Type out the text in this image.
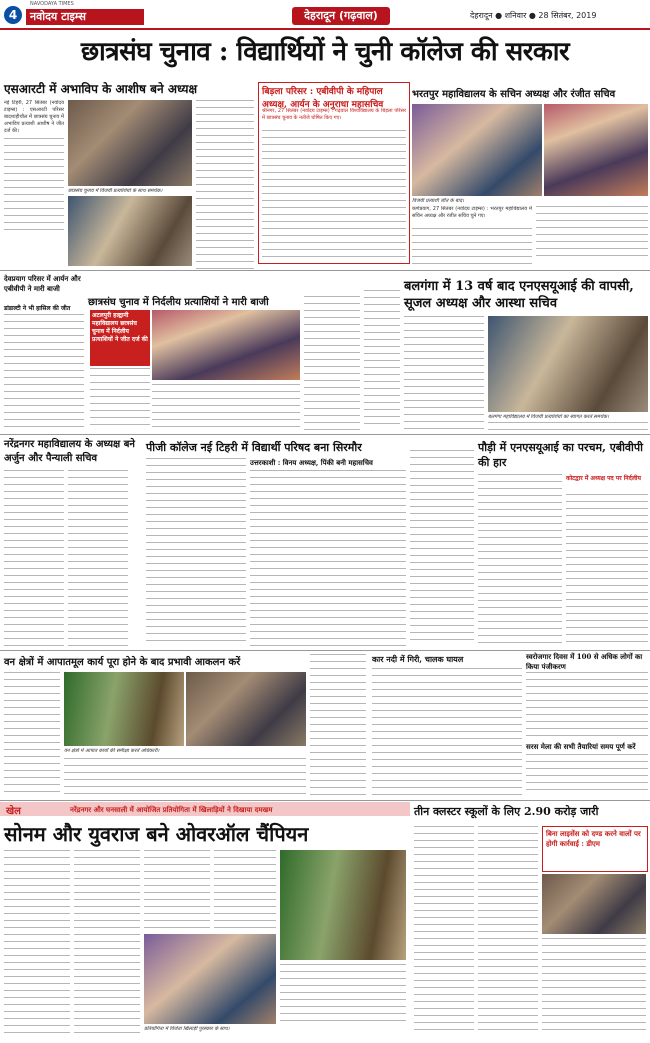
4	नवोदय टाइम्स
NAVODAYA TIMES
देहरादून (गढ़वाल)	देहरादून ● शनिवार ● 28 सितंबर, 2019
छात्रसंघ चुनाव : विद्यार्थियों ने चुनी कॉलेज की सरकार
एसआरटी में अभाविप के आशीष बने अध्यक्ष
नई टिहरी, 27 सितंबर (नवोदय टाइम्स) : एसआरटी परिसर बादशाहीथौल में छात्रसंघ चुनाव में अभाविप प्रत्याशी आशीष ने जीत दर्ज की।
छात्रसंघ चुनाव में विजयी प्रत्याशियों के साथ समर्थक।
बिड़ला परिसर : एबीवीपी के महिपाल अध्यक्ष, आर्यन के अनुराधा महासचिव
श्रीनगर, 27 सितंबर (नवोदय टाइम्स) : गढ़वाल विश्वविद्यालय के बिड़ला परिसर में छात्रसंघ चुनाव के नतीजे घोषित किए गए।
भरतपुर महाविद्यालय के सचिन अध्यक्ष और रंजीत सचिव
विजयी प्रत्याशी जीत के बाद।
कर्णप्रयाग, 27 सितंबर (नवोदय टाइम्स) : भरतपुर महाविद्यालय में सचिन अध्यक्ष और रंजीत सचिव चुने गए।
देवप्रयाग परिसर में आर्यन और एबीवीपी ने मारी बाजी
डांडाल्टी ने भी हासिल की जीत
छात्रसंघ चुनाव में निर्दलीय प्रत्याशियों ने मारी बाजी
अटलपुरी हल्द्वानी महाविद्यालय छात्रसंघ चुनाव में निर्दलीय प्रत्याशियों ने जीत दर्ज की
बलगंगा में 13 वर्ष बाद एनएसयूआई की वापसी, सूजल अध्यक्ष और आस्था सचिव
बलगंगा महाविद्यालय में विजयी प्रत्याशियों का स्वागत करते समर्थक।
नरेंद्रनगर महाविद्यालय के अध्यक्ष बने अर्जुन और पैन्याली सचिव
पीजी कॉलेज नई टिहरी में विद्यार्थी परिषद बना सिरमौर
उत्तरकाशी : विनय अध्यक्ष, पिंकी बनी महासचिव
पौड़ी में एनएसयूआई का परचम, एबीवीपी की हार
कोटद्वार में अध्यक्ष पद पर निर्दलीय
वन क्षेत्रों में आपातमूल कार्य पूरा होने के बाद प्रभावी आकलन करें
वन क्षेत्रों में आपात कार्यों की समीक्षा करते अधिकारी।
कार नदी में गिरी, चालक घायल	स्वरोजगार दिवस में 100 से अधिक लोगों का किया पंजीकरण
सरस मेला की सभी तैयारियां समय पूर्ण करें
खेल	नरेंद्रनगर और घनसाली में आयोजित प्रतियोगिता में खिलाड़ियों ने दिखाया दमखम
सोनम और युवराज बने ओवरऑल चैंपियन
प्रतियोगिता में विजेता खिलाड़ी पुरस्कार के साथ।
तीन क्लस्टर स्कूलों के लिए 2.90 करोड़ जारी
बिना लाइसेंस को दण्ड करने वालों पर होगी कार्रवाई : डीएम
